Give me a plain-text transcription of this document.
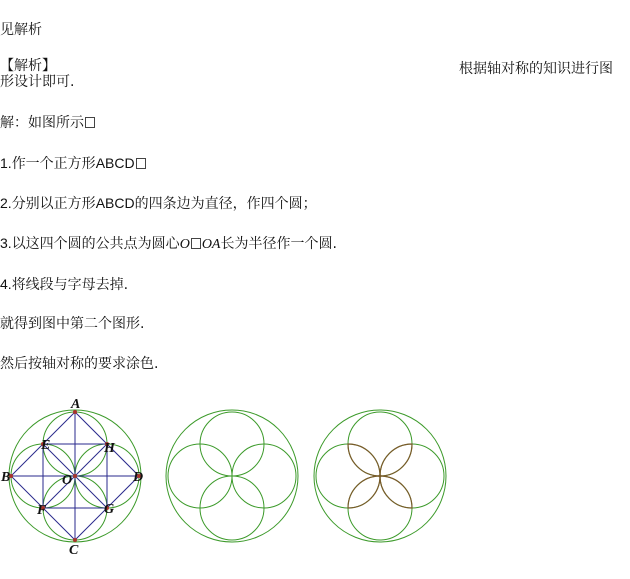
见解析
【解析】	根据轴对称的知识进行图
形设计即可.
解：如图所示
1.作一个正方形ABCD
2.分别以正方形ABCD的四条边为直径，作四个圆；
3.以这四个圆的公共点为圆心O OA长为半径作一个圆.
4.将线段与字母去掉.
就得到图中第二个图形.
然后按轴对称的要求涂色.
A
B
C
D
E
F	G
H
O
